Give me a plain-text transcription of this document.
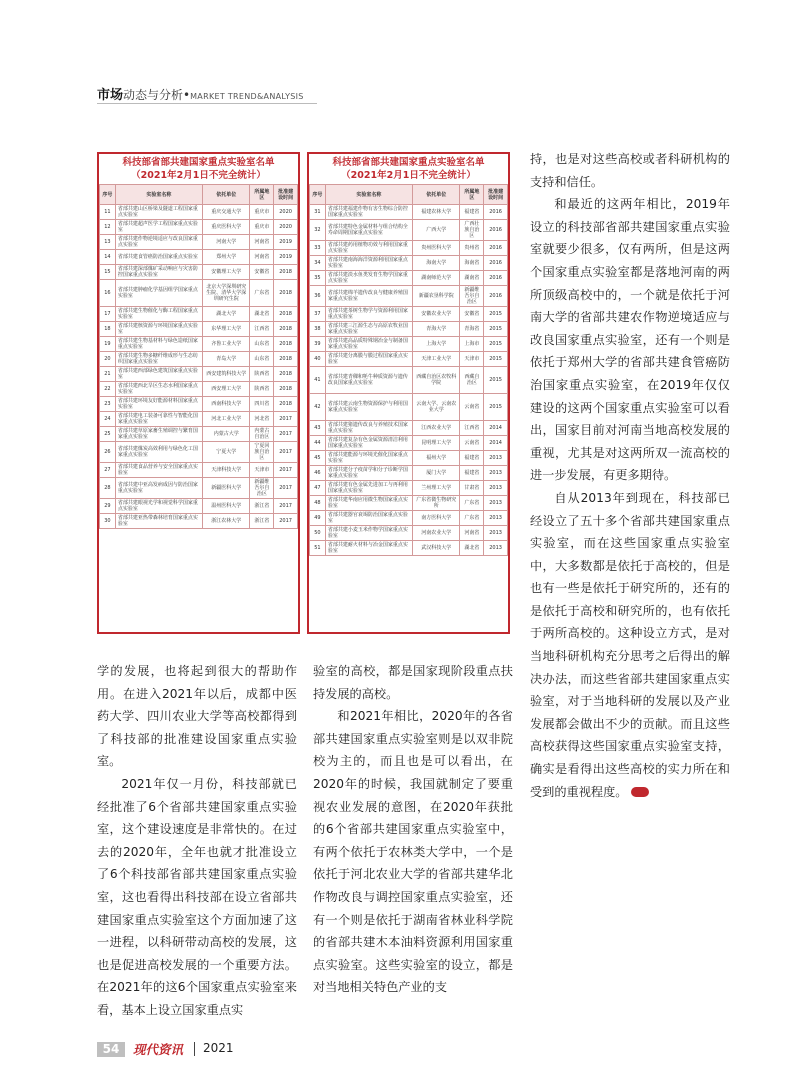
市场动态与分析•MARKET TREND&ANALYSIS
科技部省部共建国家重点实验室名单
（2021年2月1日不完全统计）
序号	实验室名称	依托单位	所属地区	批准建设时间
11	省部共建山区桥梁及隧道工程国家重点实验室	重庆交通大学	重庆市	2020
12	省部共建超声医学工程国家重点实验室	重庆医科大学	重庆市	2020
13	省部共建作物逆境适应与改良国家重点实验室	河南大学	河南省	2019
14	省部共建食管癌防治国家重点实验室	郑州大学	河南省	2019
15	省部共建深部煤矿采动响应与灾害防控国家重点实验室	安徽理工大学	安徽省	2018
16	省部共建肿瘤化学基因组学国家重点实验室	北京大学深圳研究生院、清华大学深圳研究生院	广东省	2018
17	省部共建生物催化与酶工程国家重点实验室	湖北大学	湖北省	2018
18	省部共建核资源与环境国家重点实验室	东华理工大学	江西省	2018
19	省部共建生物基材料与绿色造纸国家重点实验室	齐鲁工业大学	山东省	2018
20	省部共建生物多糖纤维成形与生态纺织国家重点实验室	青岛大学	山东省	2018
21	省部共建西部绿色建筑国家重点实验室	西安建筑科技大学	陕西省	2018
22	省部共建西北旱区生态水利国家重点实验室	西安理工大学	陕西省	2018
23	省部共建环境友好能源材料国家重点实验室	西南科技大学	四川省	2018
24	省部共建电工装备可靠性与智能化国家重点实验室	河北工业大学	河北省	2017
25	省部共建草原家畜生殖调控与繁育国家重点实验室	内蒙古大学	内蒙古自治区	2017
26	省部共建煤炭高效利用与绿色化工国家重点实验室	宁夏大学	宁夏回族自治区	2017
27	省部共建食品营养与安全国家重点实验室	天津科技大学	天津市	2017
28	省部共建中亚高发病成因与防治国家重点实验室	新疆医科大学	新疆维吾尔自治区	2017
29	省部共建眼视光学和视觉科学国家重点实验室	温州医科大学	浙江省	2017
30	省部共建亚热带森林培育国家重点实验室	浙江农林大学	浙江省	2017
科技部省部共建国家重点实验室名单
（2021年2月1日不完全统计）
序号	实验室名称	依托单位	所属地区	批准建设时间
31	省部共建福建作物有害生物综合防控国家重点实验室	福建农林大学	福建省	2016
32	省部共建特色金属材料与组合结构全寿命周期国家重点实验室	广西大学	广西壮族自治区	2016
33	省部共建药用植物功效与利用国家重点实验室	贵州医科大学	贵州省	2016
34	省部共建南海海洋资源利用国家重点实验室	海南大学	海南省	2016
35	省部共建淡水鱼类发育生物学国家重点实验室	湖南师范大学	湖南省	2016
36	省部共建绵羊遗传改良与健康养殖国家重点实验室	新疆农垦科学院	新疆维吾尔自治区	2016
37	省部共建茶树生物学与资源利用国家重点实验室	安徽农业大学	安徽省	2015
38	省部共建三江源生态与高原农牧业国家重点实验室	青海大学	青海省	2015
39	省部共建高品质特殊钢冶金与制备国家重点实验室	上海大学	上海市	2015
40	省部共建分离膜与膜过程国家重点实验室	天津工业大学	天津市	2015
41	省部共建青稞和牦牛种质资源与遗传改良国家重点实验室	西藏自治区农牧科学院	西藏自治区	2015
42	省部共建云南生物资源保护与利用国家重点实验室	云南大学、云南农业大学	云南省	2015
43	省部共建猪遗传改良与养殖技术国家重点实验室	江西农业大学	江西省	2014
44	省部共建复杂有色金属资源清洁利用国家重点实验室	昆明理工大学	云南省	2014
45	省部共建能源与环境光催化国家重点实验室	福州大学	福建省	2013
46	省部共建分子疫苗学和分子诊断学国家重点实验室	厦门大学	福建省	2013
47	省部共建有色金属先进加工与再利用国家重点实验室	兰州理工大学	甘肃省	2013
48	省部共建华南应用微生物国家重点实验室	广东省微生物研究所	广东省	2013
49	省部共建器官衰竭防治国家重点实验室	南方医科大学	广东省	2013
50	省部共建小麦玉米作物学国家重点实验室	河南农业大学	河南省	2013
51	省部共建耐火材料与冶金国家重点实验室	武汉科技大学	湖北省	2013

持，也是对这些高校或者科研机构的支持和信任。

和最近的这两年相比，2019年设立的科技部省部共建国家重点实验室就要少很多，仅有两所，但是这两个国家重点实验室都是落地河南的两所顶级高校中的，一个就是依托于河南大学的省部共建农作物逆境适应与改良国家重点实验室，还有一个则是依托于郑州大学的省部共建食管癌防治国家重点实验室，在2019年仅仅建设的这两个国家重点实验室可以看出，国家目前对河南当地高校发展的重视，尤其是对这两所双一流高校的进一步发展，有更多期待。

自从2013年到现在，科技部已经设立了五十多个省部共建国家重点实验室，而在这些国家重点实验室中，大多数都是依托于高校的，但是也有一些是依托于研究所的，还有的是依托于高校和研究所的，也有依托于两所高校的。这种设立方式，是对当地科研机构充分思考之后得出的解决办法，而这些省部共建国家重点实验室，对于当地科研的发展以及产业发展都会做出不少的贡献。而且这些高校获得这些国家重点实验室支持，确实是看得出这些高校的实力所在和受到的重视程度。

学的发展，也将起到很大的帮助作用。在进入2021年以后，成都中医药大学、四川农业大学等高校都得到了科技部的批准建设国家重点实验室。

2021年仅一月份，科技部就已经批准了6个省部共建国家重点实验室，这个建设速度是非常快的。在过去的2020年，全年也就才批准设立了6个科技部省部共建国家重点实验室，这也看得出科技部在设立省部共建国家重点实验室这个方面加速了这一进程，以科研带动高校的发展，这也是促进高校发展的一个重要方法。在2021年的这6个国家重点实验室来看，基本上设立国家重点实

验室的高校，都是国家现阶段重点扶持发展的高校。

和2021年相比，2020年的各省部共建国家重点实验室则是以双非院校为主的，而且也是可以看出，在2020年的时候，我国就制定了要重视农业发展的意图，在2020年获批的6个省部共建国家重点实验室中，有两个依托于农林类大学中，一个是依托于河北农业大学的省部共建华北作物改良与调控国家重点实验室，还有一个则是依托于湖南省林业科学院的省部共建木本油料资源利用国家重点实验室。这些实验室的设立，都是对当地相关特色产业的支

54	现代资讯 2021
